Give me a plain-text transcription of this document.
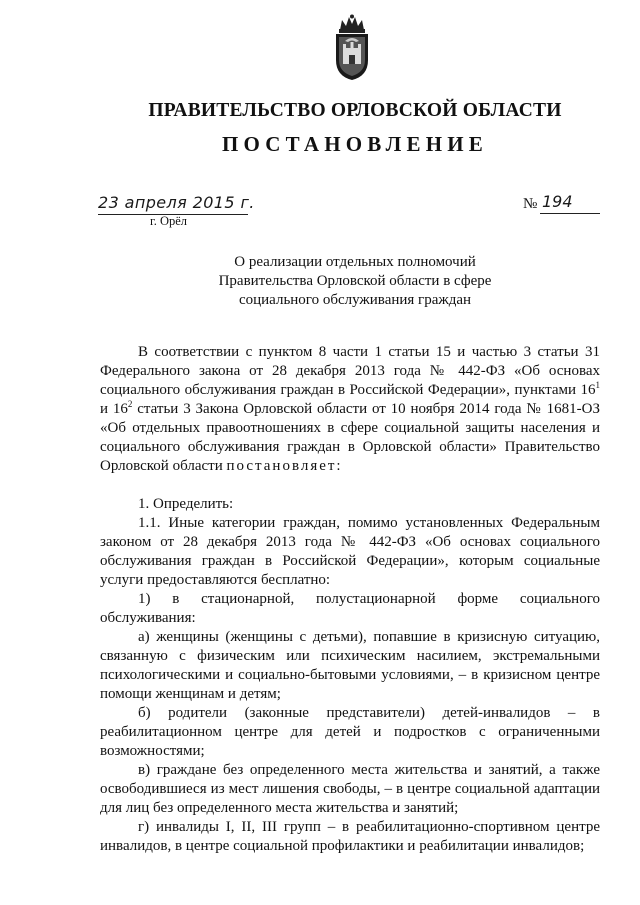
ПРАВИТЕЛЬСТВО ОРЛОВСКОЙ ОБЛАСТИ
ПОСТАНОВЛЕНИЕ
23 апреля 2015 г.
г. Орёл
№ 194
О реализации отдельных полномочий
Правительства Орловской области в сфере
социального обслуживания граждан

В соответствии с пунктом 8 части 1 статьи 15 и частью 3 статьи 31 Федерального закона от 28 декабря 2013 года № 442-ФЗ «Об основах социального обслуживания граждан в Российской Федерации», пунктами $16^1$ и $16^2$ статьи 3 Закона Орловской области от 10 ноября 2014 года № 1681-ОЗ «Об отдельных правоотношениях в сфере социальной защиты населения и социального обслуживания граждан в Орловской области» Правительство Орловской области постановляет:

1. Определить:

1.1. Иные категории граждан, помимо установленных Федеральным законом от 28 декабря 2013 года № 442-ФЗ «Об основах социального обслуживания граждан в Российской Федерации», которым социальные услуги предоставляются бесплатно:

1) в стационарной, полустационарной форме социального обслуживания:

а) женщины (женщины с детьми), попавшие в кризисную ситуацию, связанную с физическим или психическим насилием, экстремальными психологическими и социально-бытовыми условиями, – в кризисном центре помощи женщинам и детям;

б) родители (законные представители) детей-инвалидов – в реабилитационном центре для детей и подростков с ограниченными возможностями;

в) граждане без определенного места жительства и занятий, а также освободившиеся из мест лишения свободы, – в центре социальной адаптации для лиц без определенного места жительства и занятий;

г) инвалиды I, II, III групп – в реабилитационно-спортивном центре инвалидов, в центре социальной профилактики и реабилитации инвалидов;
